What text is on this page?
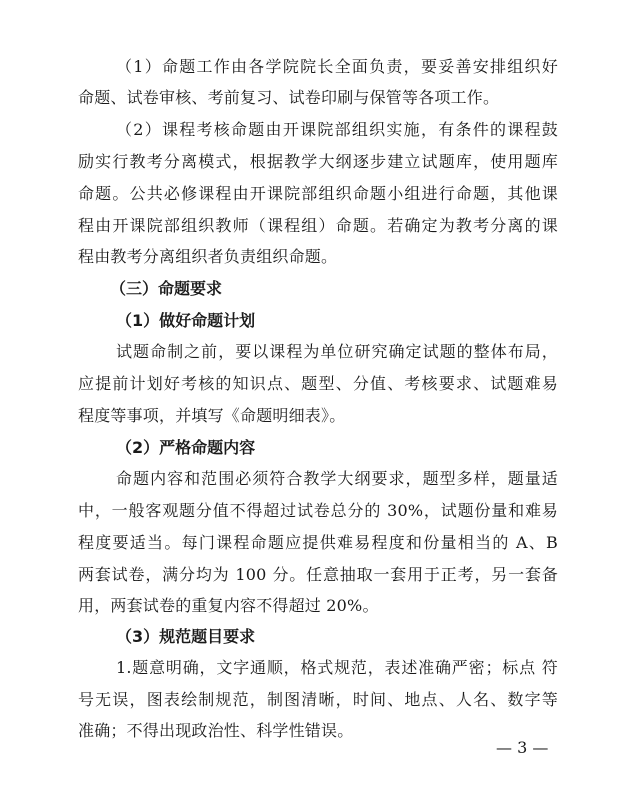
（1）命题工作由各学院院长全面负责，要妥善安排组织好
命题、试卷审核、考前复习、试卷印刷与保管等各项工作。
（2）课程考核命题由开课院部组织实施，有条件的课程鼓
励实行教考分离模式，根据教学大纲逐步建立试题库，使用题库
命题。公共必修课程由开课院部组织命题小组进行命题，其他课
程由开课院部组织教师（课程组）命题。若确定为教考分离的课
程由教考分离组织者负责组织命题。
（三）命题要求
（1）做好命题计划
试题命制之前，要以课程为单位研究确定试题的整体布局，
应提前计划好考核的知识点、题型、分值、考核要求、试题难易
程度等事项，并填写《命题明细表》。
（2）严格命题内容
命题内容和范围必须符合教学大纲要求，题型多样，题量适
中，一般客观题分值不得超过试卷总分的 30%，试题份量和难易
程度要适当。每门课程命题应提供难易程度和份量相当的 A、B
两套试卷，满分均为 100 分。任意抽取一套用于正考，另一套备
用，两套试卷的重复内容不得超过 20%。
（3）规范题目要求
1.题意明确，文字通顺，格式规范，表述准确严密；标点 符
号无误，图表绘制规范，制图清晰，时间、地点、人名、数字等
准确；不得出现政治性、科学性错误。
— 3 —
